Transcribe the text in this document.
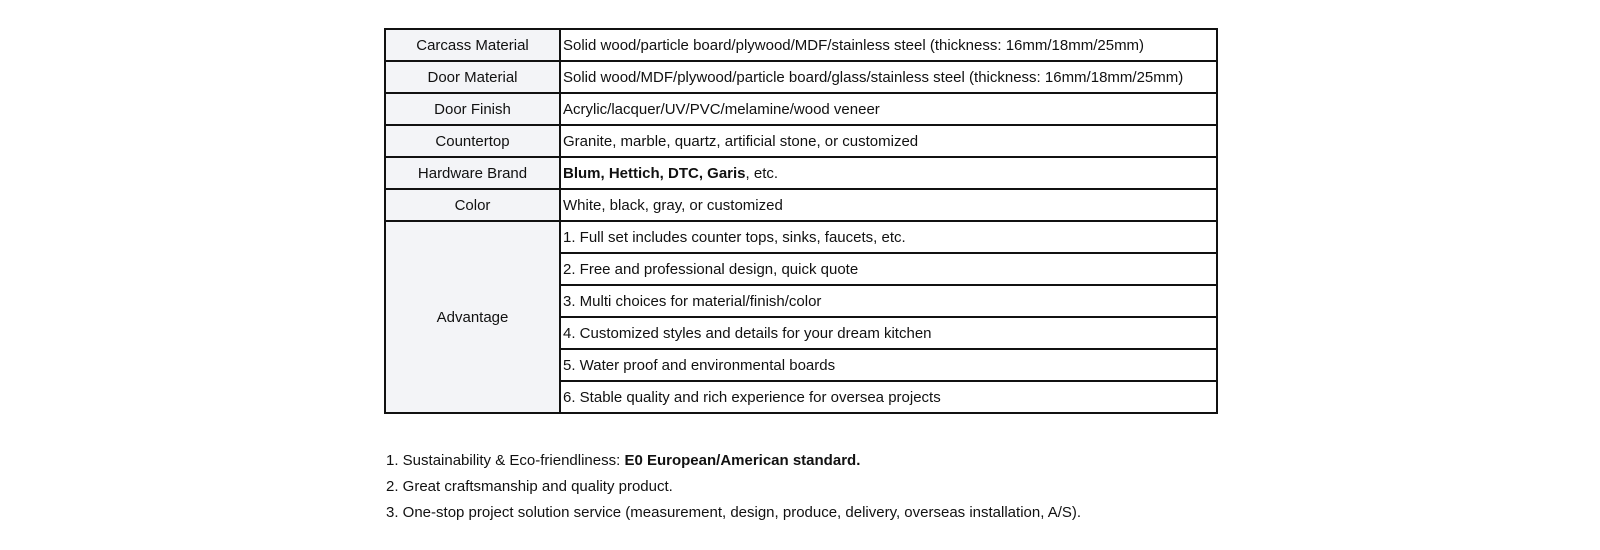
Carcass Material	Solid wood/particle board/plywood/MDF/stainless steel (thickness: 16mm/18mm/25mm)
Door Material	Solid wood/MDF/plywood/particle board/glass/stainless steel (thickness: 16mm/18mm/25mm)
Door Finish	Acrylic/lacquer/UV/PVC/melamine/wood veneer
Countertop	Granite, marble, quartz, artificial stone, or customized
Hardware Brand	Blum, Hettich, DTC, Garis, etc.
Color	White, black, gray, or customized
Advantage	1. Full set includes counter tops, sinks, faucets, etc.
	2. Free and professional design, quick quote
	3. Multi choices for material/finish/color
	4. Customized styles and details for your dream kitchen
	5. Water proof and environmental boards
	6. Stable quality and rich experience for oversea projects
1. Sustainability & Eco-friendliness: E0 European/American standard.
2. Great craftsmanship and quality product.
3. One-stop project solution service (measurement, design, produce, delivery, overseas installation, A/S).
